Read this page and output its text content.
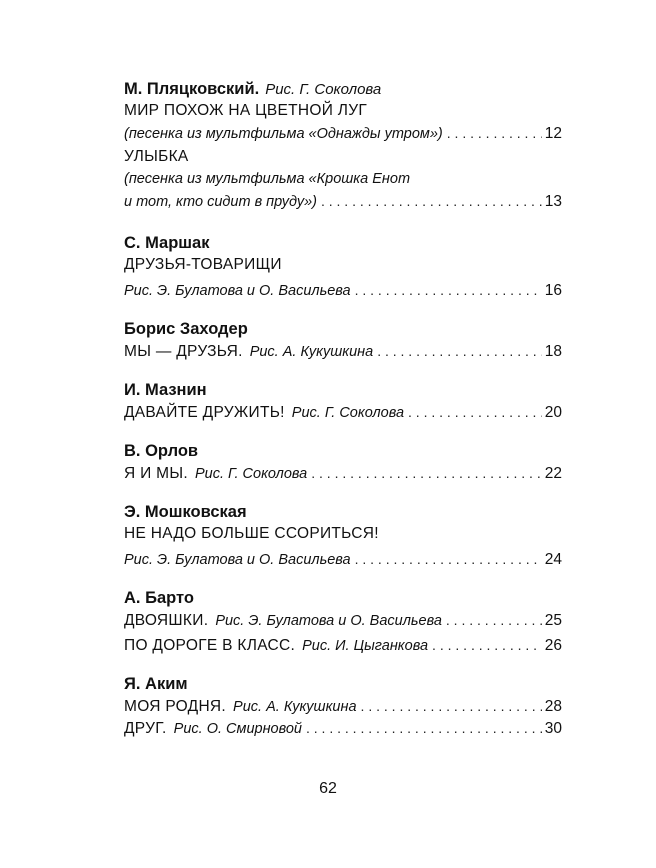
М. Пляцковский. Рис. Г. Соколова
МИР ПОХОЖ НА ЦВЕТНОЙ ЛУГ
(песенка из мультфильма «Однажды утром») . . .	12
УЛЫБКА
(песенка из мультфильма «Крошка Енот
и тот, кто сидит в пруду») . . .	13
С. Маршак
ДРУЗЬЯ-ТОВАРИЩИ
Рис. Э. Булатова и О. Васильева . . .	16
Борис Заходер
МЫ — ДРУЗЬЯ. Рис. А. Кукушкина . . .	18
И. Мазнин
ДАВАЙТЕ ДРУЖИТЬ! Рис. Г. Соколова . . .	20
В. Орлов
Я И МЫ. Рис. Г. Соколова . . .	22
Э. Мошковская
НЕ НАДО БОЛЬШЕ ССОРИТЬСЯ!
Рис. Э. Булатова и О. Васильева . . .	24
А. Барто
ДВОЯШКИ. Рис. Э. Булатова и О. Васильева . . .	25
ПО ДОРОГЕ В КЛАСС. Рис. И. Цыганкова . . .	26
Я. Аким
МОЯ РОДНЯ. Рис. А. Кукушкина . . .	28
ДРУГ. Рис. О. Смирновой . . .	30
62
